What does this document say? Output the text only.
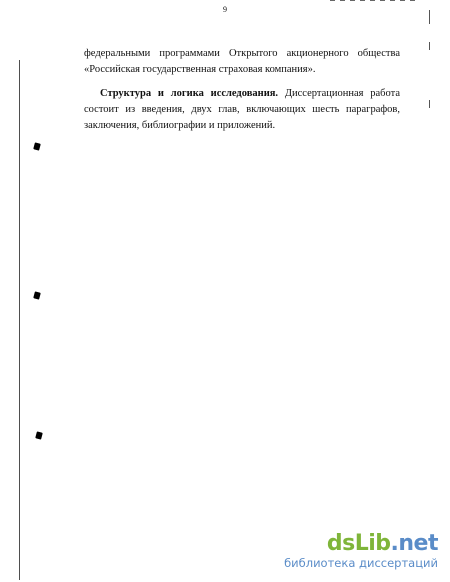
9
федеральными программами Открытого акционерного общества «Российская государственная страховая компания».
Структура и логика исследования. Диссертационная работа состоит из введения, двух глав, включающих шесть параграфов, заключения, библиографии и приложений.
dsLib.net
библиотека диссертаций
